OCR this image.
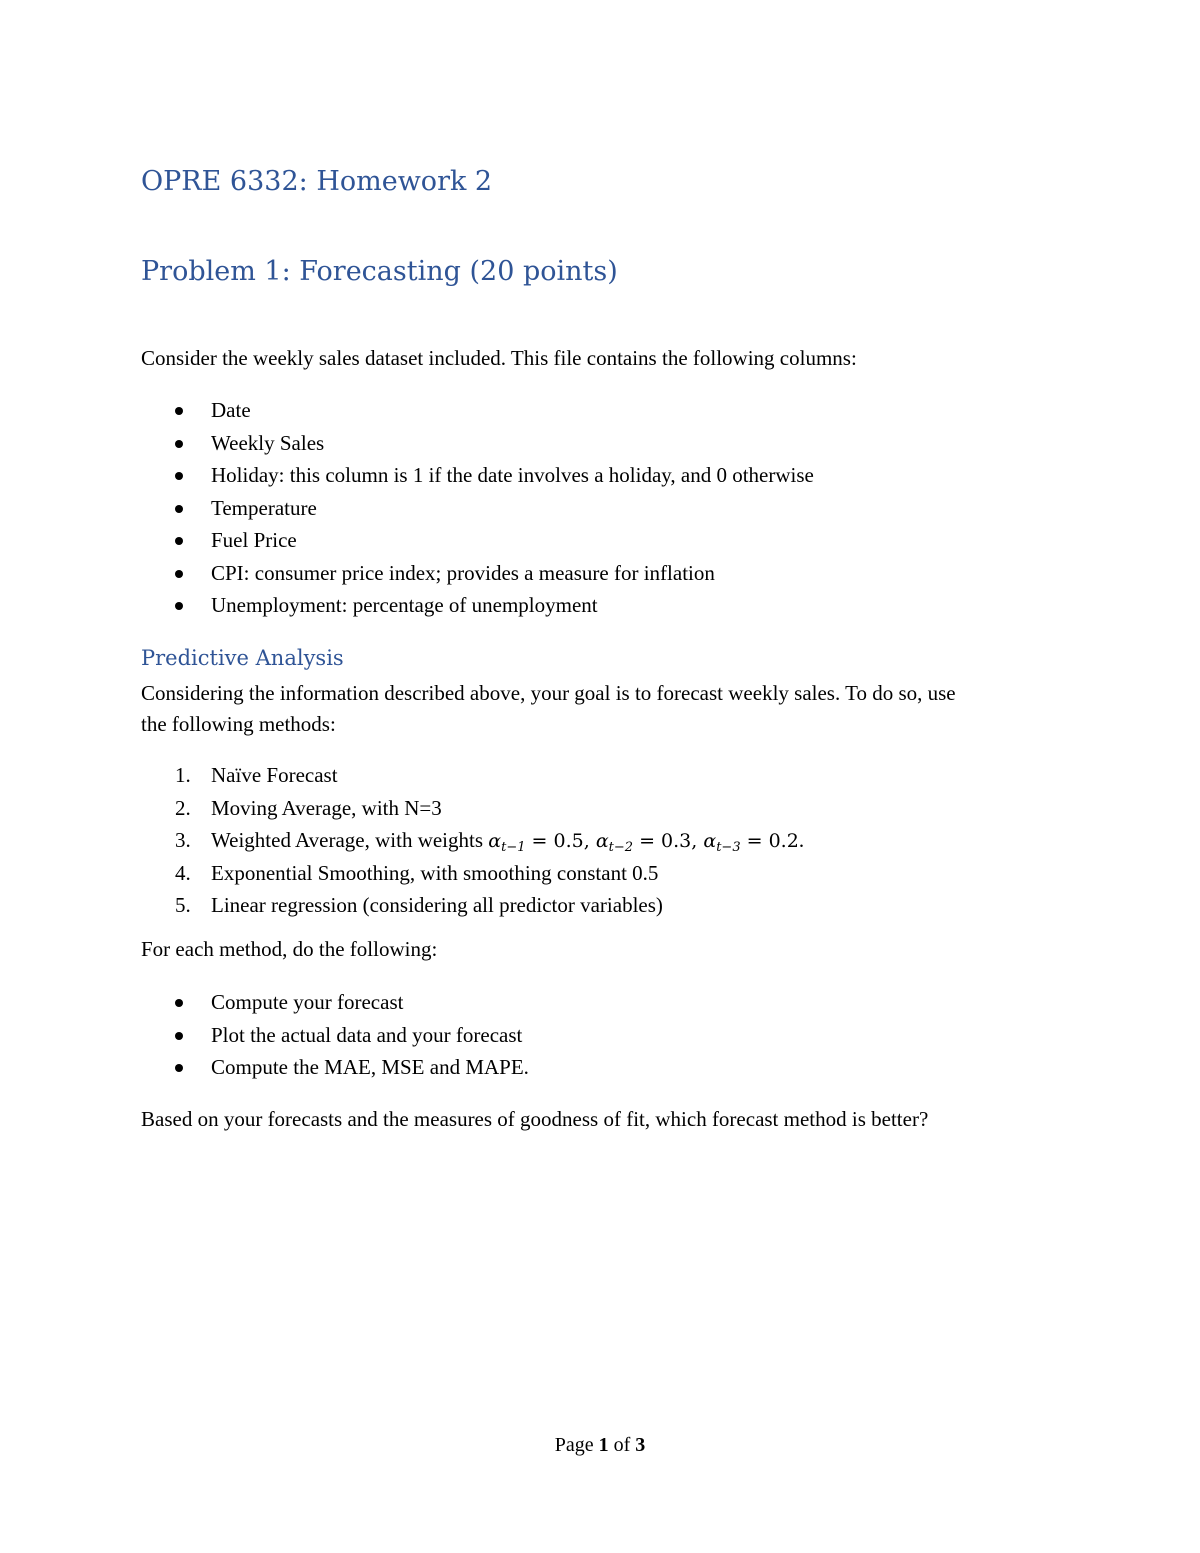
OPRE 6332: Homework 2
Problem 1: Forecasting (20 points)

Consider the weekly sales dataset included. This file contains the following columns:

Date
Weekly Sales
Holiday: this column is 1 if the date involves a holiday, and 0 otherwise
Temperature
Fuel Price
CPI: consumer price index; provides a measure for inflation
Unemployment: percentage of unemployment
Predictive Analysis

Considering the information described above, your goal is to forecast weekly sales. To do so, use

the following methods:

1. Naïve Forecast
2. Moving Average, with N=3
3. Weighted Average, with weights $\alpha_{t-1} = 0.5$, $\alpha_{t-2} = 0.3$, $\alpha_{t-3} = 0.2$.
4. Exponential Smoothing, with smoothing constant 0.5
5. Linear regression (considering all predictor variables)

For each method, do the following:

Compute your forecast
Plot the actual data and your forecast
Compute the MAE, MSE and MAPE.

Based on your forecasts and the measures of goodness of fit, which forecast method is better?

Page 1 of 3
